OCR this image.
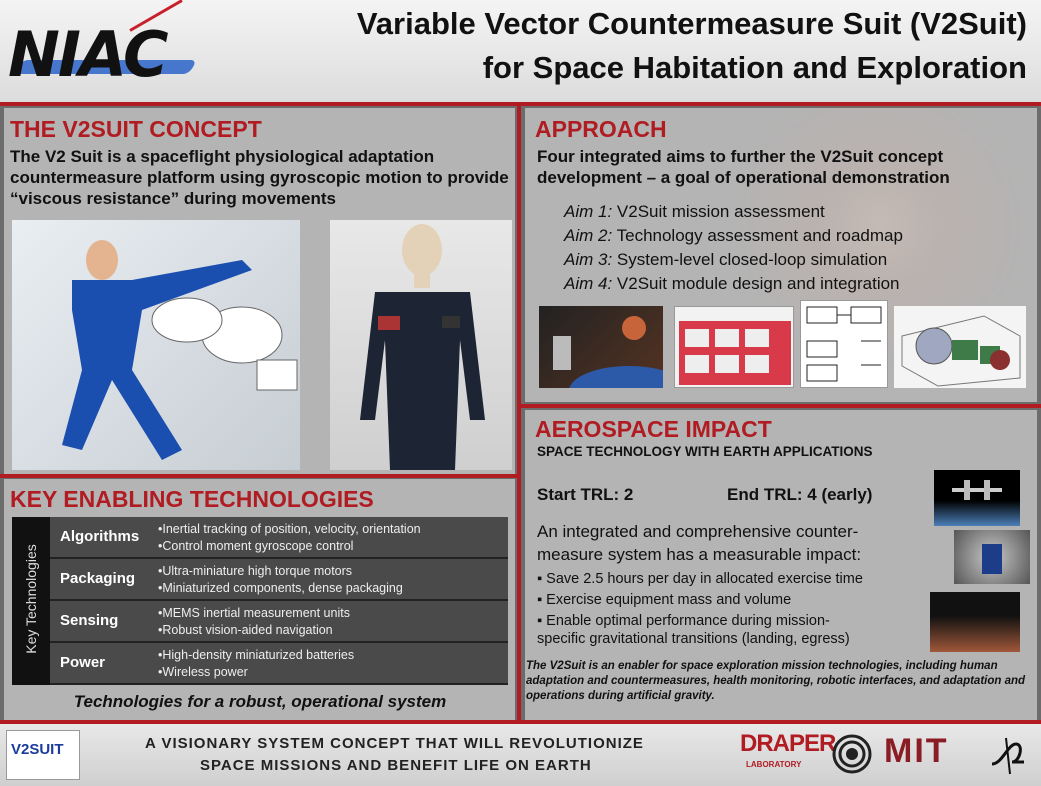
NIAC	Variable Vector Countermeasure Suit (V2Suit)
for Space Habitation and Exploration
THE V2SUIT CONCEPT
The V2 Suit is a spaceflight physiological adaptation countermeasure platform using gyroscopic motion to provide “viscous resistance” during movements
KEY ENABLING TECHNOLOGIES
Key Technologies
Algorithms	•Inertial tracking of position, velocity, orientation
•Control moment gyroscope control
Packaging	•Ultra-miniature high torque motors
•Miniaturized components, dense packaging
Sensing	•MEMS inertial measurement units
•Robust vision-aided navigation
Power	•High-density miniaturized batteries
•Wireless power
Technologies for a robust, operational system
APPROACH
Four integrated aims to further the V2Suit concept development – a goal of operational demonstration
Aim 1: V2Suit mission assessment
Aim 2: Technology assessment and roadmap
Aim 3: System-level closed-loop simulation
Aim 4: V2Suit module design and integration
AEROSPACE IMPACT
SPACE TECHNOLOGY WITH EARTH APPLICATIONS
Start TRL: 2	End TRL: 4 (early)
An integrated and comprehensive counter-
measure system has a measurable impact:
▪ Save 2.5 hours per day in allocated exercise time
▪ Exercise equipment mass and volume
▪ Enable optimal performance during mission-
specific gravitational transitions (landing, egress)
The V2Suit is an enabler for space exploration mission technologies, including human adaptation and countermeasures, health monitoring, robotic interfaces, and adaptation and operations during artificial gravity.
V2SUIT	A VISIONARY SYSTEM CONCEPT THAT WILL REVOLUTIONIZE
SPACE MISSIONS AND BENEFIT LIFE ON EARTH
DRAPER
LABORATORY MIT
